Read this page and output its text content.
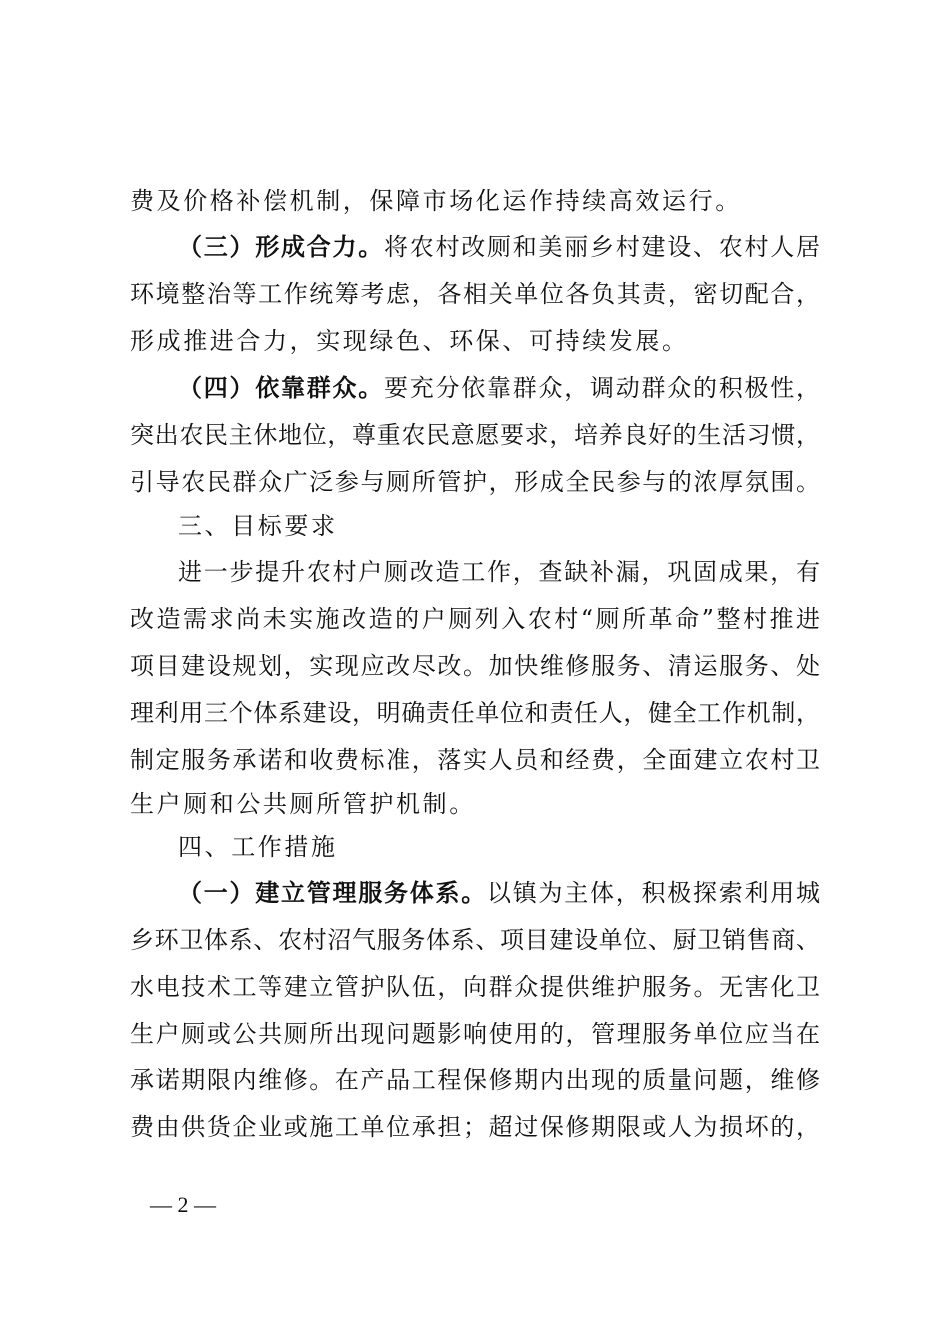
费及价格补偿机制，保障市场化运作持续高效运行。
（三）形成合力。将农村改厕和美丽乡村建设、农村人居
环境整治等工作统筹考虑，各相关单位各负其责，密切配合，
形成推进合力，实现绿色、环保、可持续发展。
（四）依靠群众。要充分依靠群众，调动群众的积极性，
突出农民主休地位，尊重农民意愿要求，培养良好的生活习惯，
引导农民群众广泛参与厕所管护，形成全民参与的浓厚氛围。
三、目标要求
进一步提升农村户厕改造工作，查缺补漏，巩固成果，有
改造需求尚未实施改造的户厕列入农村“厕所革命”整村推进
项目建设规划，实现应改尽改。加快维修服务、清运服务、处
理利用三个体系建设，明确责任单位和责任人，健全工作机制，
制定服务承诺和收费标准，落实人员和经费，全面建立农村卫
生户厕和公共厕所管护机制。
四、工作措施
（一）建立管理服务体系。以镇为主体，积极探索利用城
乡环卫体系、农村沼气服务体系、项目建设单位、厨卫销售商、
水电技术工等建立管护队伍，向群众提供维护服务。无害化卫
生户厕或公共厕所出现问题影响使用的，管理服务单位应当在
承诺期限内维修。在产品工程保修期内出现的质量问题，维修
费由供货企业或施工单位承担；超过保修期限或人为损坏的，
— 2 —
